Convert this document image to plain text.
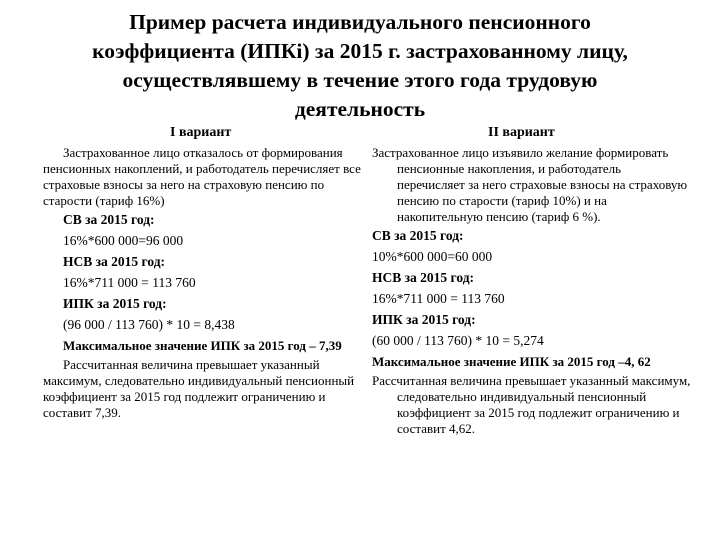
Пример расчета индивидуального пенсионного
коэффициента (ИПКi) за 2015 г. застрахованному лицу,
осуществлявшему в течение этого года трудовую
деятельность
I вариант
Застрахованное лицо отказалось от формирования пенсионных накоплений, и работодатель перечисляет все страховые взносы за него на страховую пенсию по старости (тариф 16%)
СВ за 2015 год:
16%*600 000=96 000
НСВ за 2015 год:
16%*711 000 = 113 760
ИПК за 2015 год:
(96 000 / 113 760) * 10 = 8,438
Максимальное значение ИПК за 2015 год – 7,39
Рассчитанная величина превышает указанный максимум, следовательно индивидуальный пенсионный коэффициент за 2015 год подлежит ограничению и составит 7,39.
II вариант
Застрахованное лицо изъявило желание формировать пенсионные накопления, и работодатель перечисляет за него страховые взносы на страховую пенсию по старости (тариф 10%) и на накопительную пенсию (тариф 6 %).
СВ за 2015 год:
10%*600 000=60 000
НСВ за 2015 год:
16%*711 000 = 113 760
ИПК за 2015 год:
(60 000 / 113 760) * 10 = 5,274
Максимальное значение ИПК за 2015 год –4, 62
Рассчитанная величина превышает указанный максимум, следовательно индивидуальный пенсионный коэффициент за 2015 год подлежит ограничению и составит 4,62.
